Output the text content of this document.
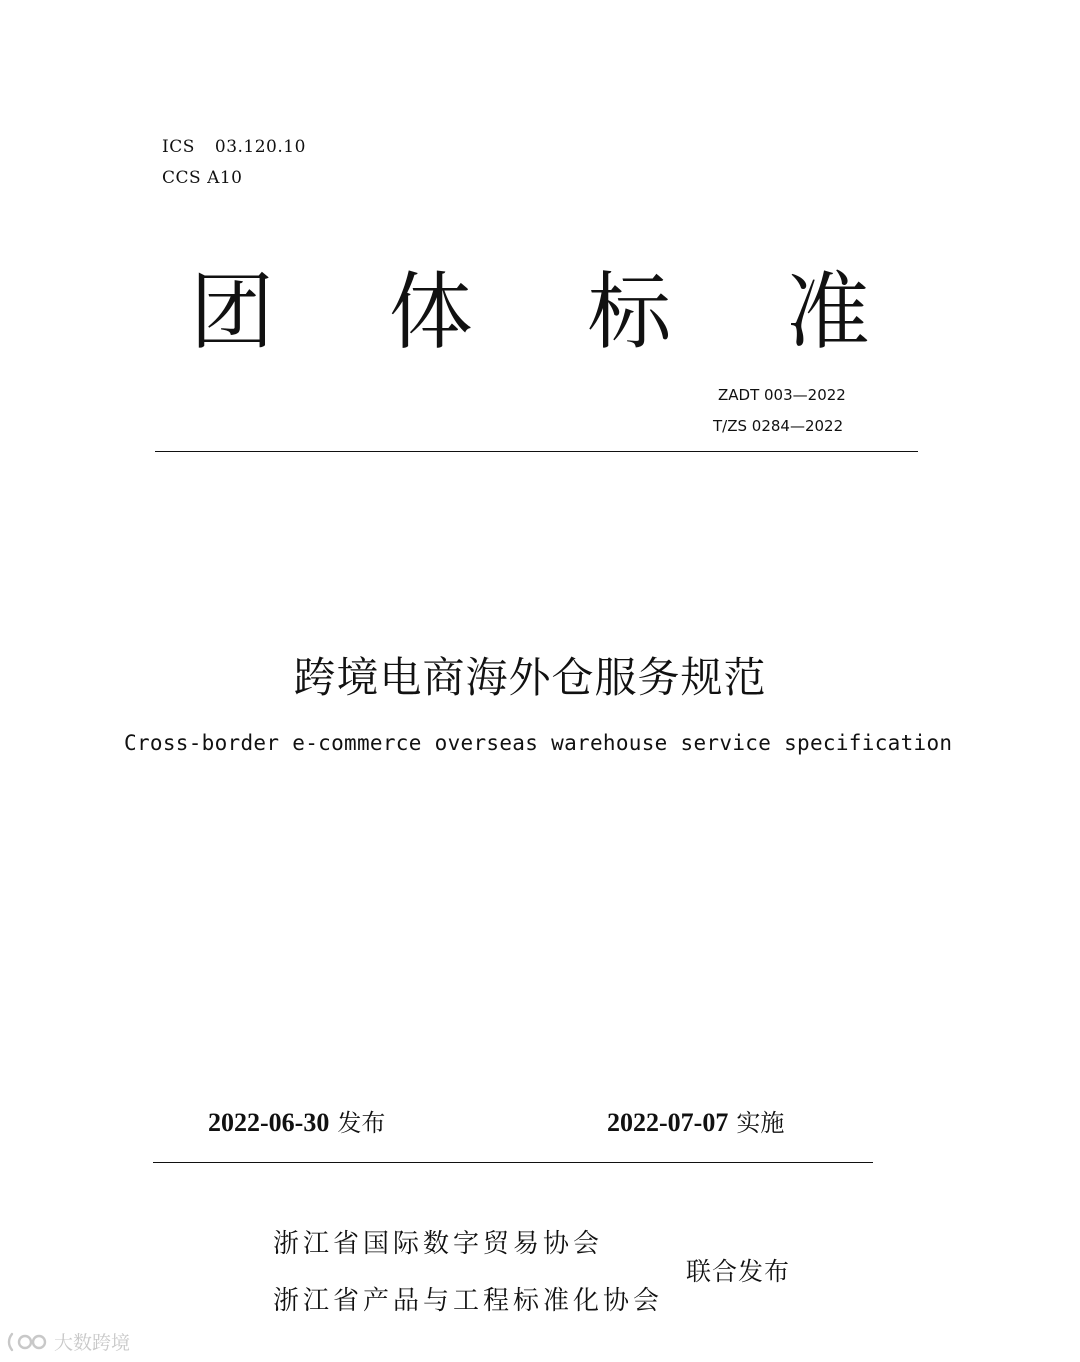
ICS 03.120.10
CCS A10
团 体 标 准
ZADT 003—2022
T/ZS 0284—2022
跨境电商海外仓服务规范
Cross-border e-commerce overseas warehouse service specification
2022-06-30 发布	2022-07-07 实施
浙江省国际数字贸易协会
浙江省产品与工程标准化协会
联合发布
大数跨境
